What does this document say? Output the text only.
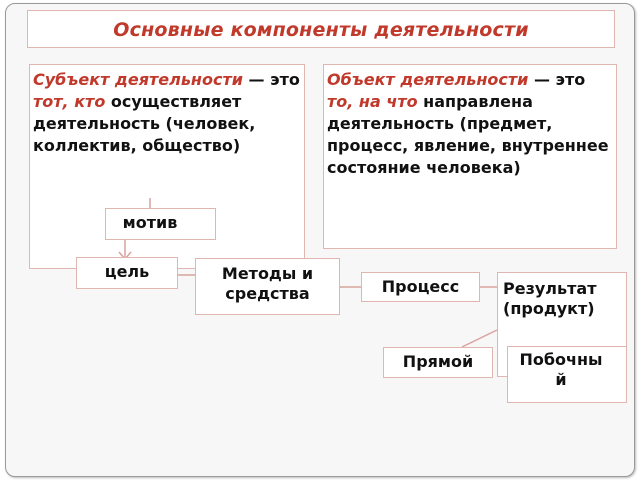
Основные компоненты деятельности
Субъект деятельности — это тот, кто осуществляет деятельность (человек, коллектив, общество)
Объект деятельности — это то, на что направлена деятельность (предмет, процесс, явление, внутреннее состояние человека)
цель
мотив
Методы и средства	Процесс	Результат (продукт)
Прямой	Побочный
